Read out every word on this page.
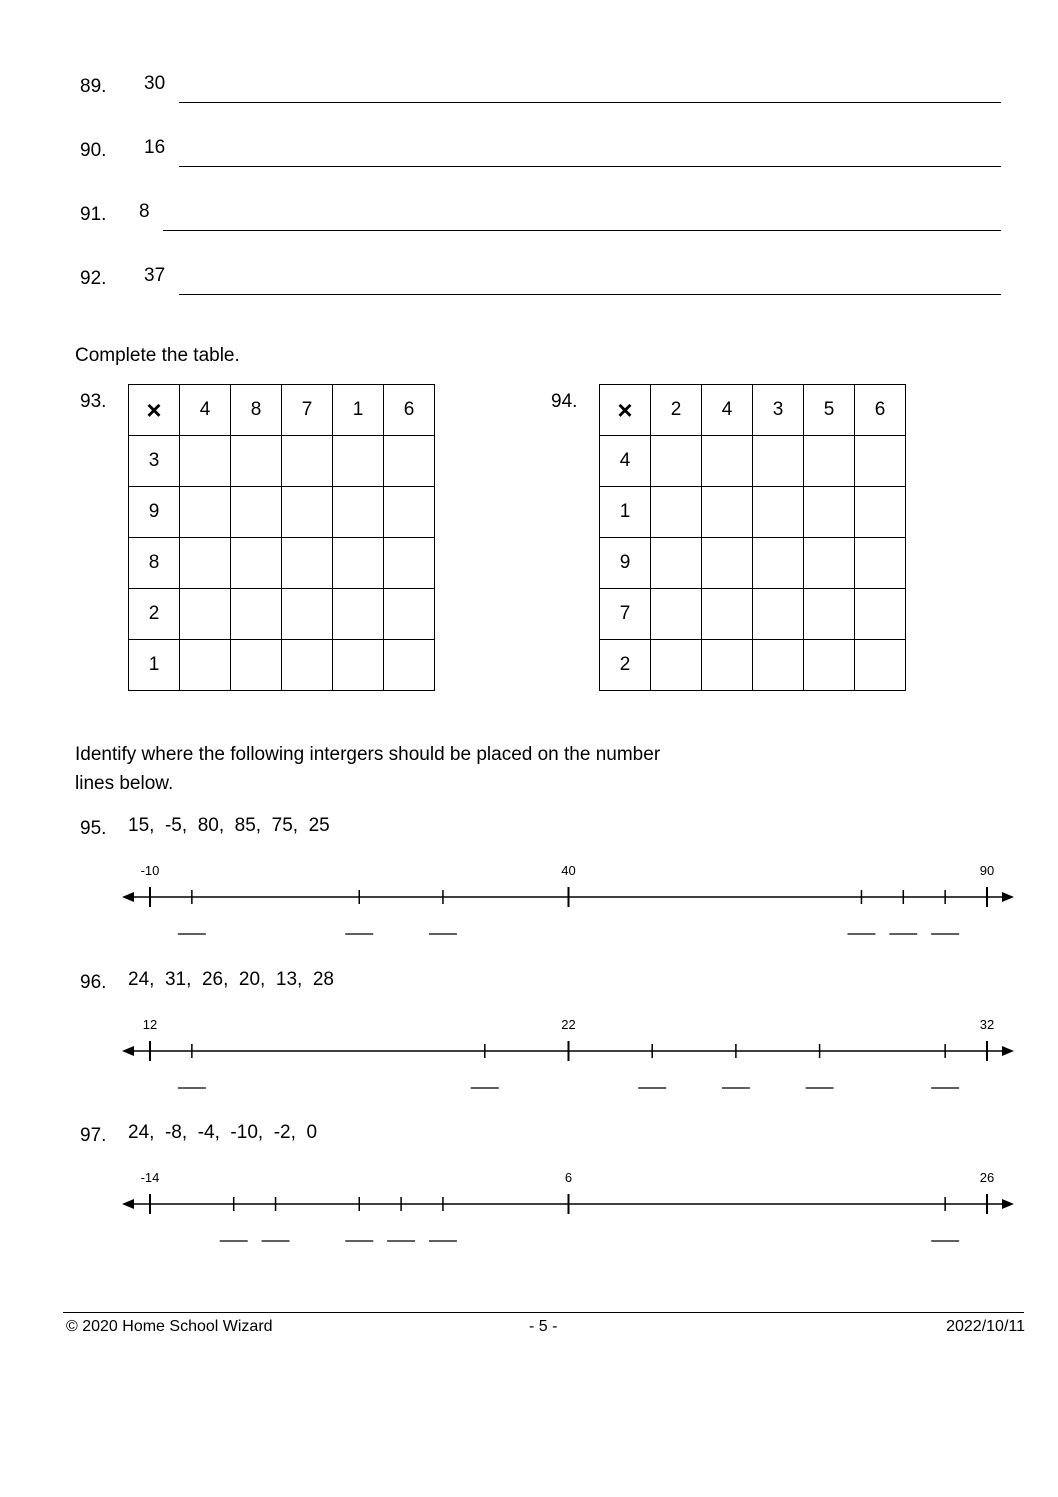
89. 30
90. 16
91. 8
92. 37
Complete the table.
93. ×	4	8	7	1	6
3					
9					
8					
2					
1					
94. ×	2	4	3	5	6
4					
1					
9					
7					
2					
Identify where the following intergers should be placed on the number
lines below.
95. 15,  -5,  80,  85,  75,  25
-10	40	90
96. 24,  31,  26,  20,  13,  28
12	22	32
97. 24,  -8,  -4,  -10,  -2,  0
-14	6	26
© 2020 Home School Wizard	- 5 -	2022/10/11
